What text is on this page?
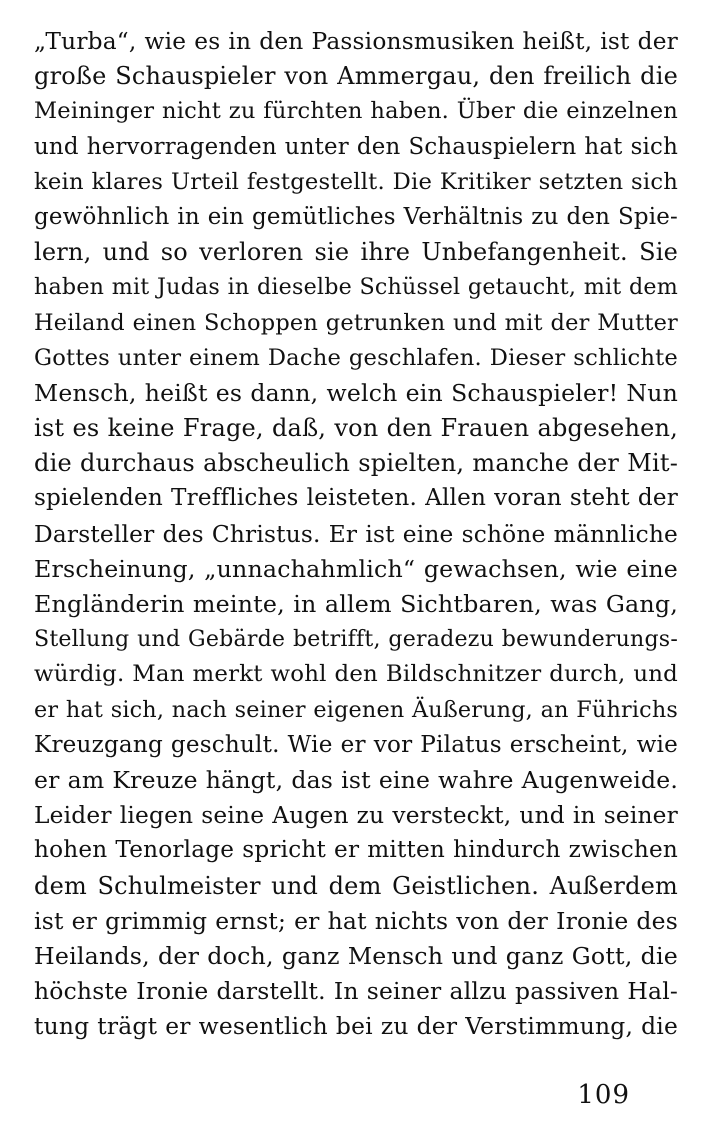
„Turba“, wie es in den Passionsmusiken heißt, ist der
große Schauspieler von Ammergau, den freilich die
Meininger nicht zu fürchten haben. Über die einzelnen
und hervorragenden unter den Schauspielern hat sich
kein klares Urteil festgestellt. Die Kritiker setzten sich
gewöhnlich in ein gemütliches Verhältnis zu den Spie-
lern, und so verloren sie ihre Unbefangenheit. Sie
haben mit Judas in dieselbe Schüssel getaucht, mit dem
Heiland einen Schoppen getrunken und mit der Mutter
Gottes unter einem Dache geschlafen. Dieser schlichte
Mensch, heißt es dann, welch ein Schauspieler! Nun
ist es keine Frage, daß, von den Frauen abgesehen,
die durchaus abscheulich spielten, manche der Mit-
spielenden Treffliches leisteten. Allen voran steht der
Darsteller des Christus. Er ist eine schöne männliche
Erscheinung, „unnachahmlich“ gewachsen, wie eine
Engländerin meinte, in allem Sichtbaren, was Gang,
Stellung und Gebärde betrifft, geradezu bewunderungs-
würdig. Man merkt wohl den Bildschnitzer durch, und
er hat sich, nach seiner eigenen Äußerung, an Führichs
Kreuzgang geschult. Wie er vor Pilatus erscheint, wie
er am Kreuze hängt, das ist eine wahre Augenweide.
Leider liegen seine Augen zu versteckt, und in seiner
hohen Tenorlage spricht er mitten hindurch zwischen
dem Schulmeister und dem Geistlichen. Außerdem
ist er grimmig ernst; er hat nichts von der Ironie des
Heilands, der doch, ganz Mensch und ganz Gott, die
höchste Ironie darstellt. In seiner allzu passiven Hal-
tung trägt er wesentlich bei zu der Verstimmung, die
109
